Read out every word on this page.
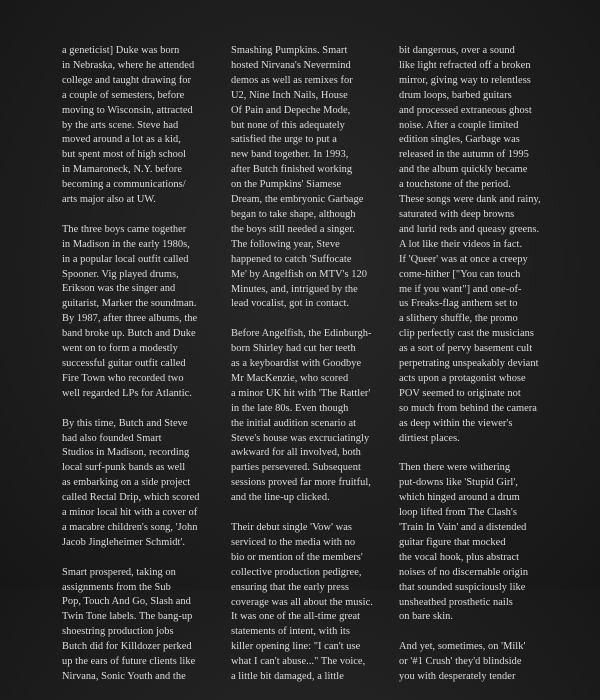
a geneticist] Duke was born
in Nebraska, where he attended
college and taught drawing for
a couple of semesters, before
moving to Wisconsin, attracted
by the arts scene. Steve had
moved around a lot as a kid,
but spent most of high school
in Mamaroneck, N.Y. before
becoming a communications/
arts major also at UW.

The three boys came together
in Madison in the early 1980s,
in a popular local outfit called
Spooner. Vig played drums,
Erikson was the singer and
guitarist, Marker the soundman.
By 1987, after three albums, the
band broke up. Butch and Duke
went on to form a modestly
successful guitar outfit called
Fire Town who recorded two
well regarded LPs for Atlantic.

By this time, Butch and Steve
had also founded Smart
Studios in Madison, recording
local surf-punk bands as well
as embarking on a side project
called Rectal Drip, which scored
a minor local hit with a cover of
a macabre children's song, 'John
Jacob Jingleheimer Schmidt'.

Smart prospered, taking on
assignments from the Sub
Pop, Touch And Go, Slash and
Twin Tone labels. The bang-up
shoestring production jobs
Butch did for Killdozer perked
up the ears of future clients like
Nirvana, Sonic Youth and the

Smashing Pumpkins. Smart
hosted Nirvana's Nevermind
demos as well as remixes for
U2, Nine Inch Nails, House
Of Pain and Depeche Mode,
but none of this adequately
satisfied the urge to put a
new band together. In 1993,
after Butch finished working
on the Pumpkins' Siamese
Dream, the embryonic Garbage
began to take shape, although
the boys still needed a singer.
The following year, Steve
happened to catch 'Suffocate
Me' by Angelfish on MTV's 120
Minutes, and, intrigued by the
lead vocalist, got in contact.

Before Angelfish, the Edinburgh-
born Shirley had cut her teeth
as a keyboardist with Goodbye
Mr MacKenzie, who scored
a minor UK hit with 'The Rattler'
in the late 80s. Even though
the initial audition scenario at
Steve's house was excruciatingly
awkward for all involved, both
parties persevered. Subsequent
sessions proved far more fruitful,
and the line-up clicked.

Their debut single 'Vow' was
serviced to the media with no
bio or mention of the members'
collective production pedigree,
ensuring that the early press
coverage was all about the music.
It was one of the all-time great
statements of intent, with its
killer opening line: "I can't use
what I can't abuse..." The voice,
a little bit damaged, a little

bit dangerous, over a sound
like light refracted off a broken
mirror, giving way to relentless
drum loops, barbed guitars
and processed extraneous ghost
noise. After a couple limited
edition singles, Garbage was
released in the autumn of 1995
and the album quickly became
a touchstone of the period.
These songs were dank and rainy,
saturated with deep browns
and lurid reds and queasy greens.
A lot like their videos in fact.
If 'Queer' was at once a creepy
come-hither ["You can touch
me if you want"] and one-of-
us Freaks-flag anthem set to
a slithery shuffle, the promo
clip perfectly cast the musicians
as a sort of pervy basement cult
perpetrating unspeakably deviant
acts upon a protagonist whose
POV seemed to originate not
so much from behind the camera
as deep within the viewer's
dirtiest places.

Then there were withering
put-downs like 'Stupid Girl',
which hinged around a drum
loop lifted from The Clash's
'Train In Vain' and a distended
guitar figure that mocked
the vocal hook, plus abstract
noises of no discernable origin
that sounded suspiciously like
unsheathed prosthetic nails
on bare skin.

And yet, sometimes, on 'Milk'
or '#1 Crush' they'd blindside
you with desperately tender
